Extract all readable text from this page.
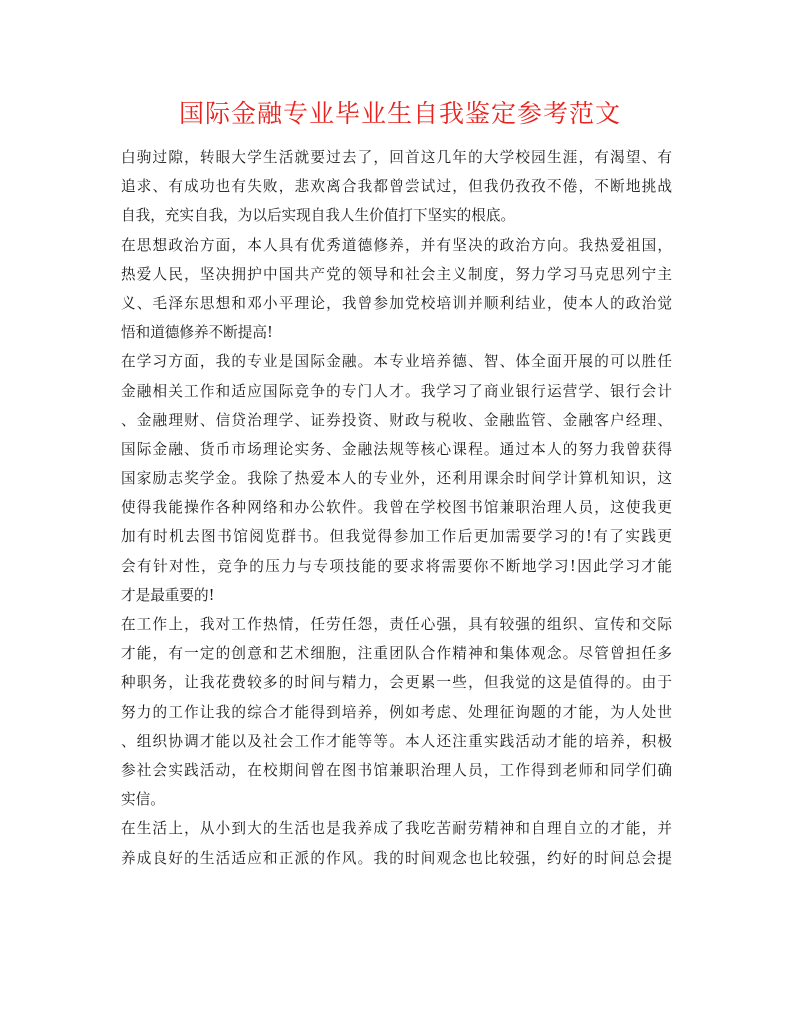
国际金融专业毕业生自我鉴定参考范文
白驹过隙，转眼大学生活就要过去了，回首这几年的大学校园生涯，有渴望、有
追求、有成功也有失败，悲欢离合我都曾尝试过，但我仍孜孜不倦，不断地挑战
自我，充实自我，为以后实现自我人生价值打下坚实的根底。
在思想政治方面，本人具有优秀道德修养，并有坚决的政治方向。我热爱祖国，
热爱人民，坚决拥护中国共产党的领导和社会主义制度，努力学习马克思列宁主
义、毛泽东思想和邓小平理论，我曾参加党校培训并顺利结业，使本人的政治觉
悟和道德修养不断提高!
在学习方面，我的专业是国际金融。本专业培养德、智、体全面开展的可以胜任
金融相关工作和适应国际竞争的专门人才。我学习了商业银行运营学、银行会计
、金融理财、信贷治理学、证券投资、财政与税收、金融监管、金融客户经理、
国际金融、货币市场理论实务、金融法规等核心课程。通过本人的努力我曾获得
国家励志奖学金。我除了热爱本人的专业外，还利用课余时间学计算机知识，这
使得我能操作各种网络和办公软件。我曾在学校图书馆兼职治理人员，这使我更
加有时机去图书馆阅览群书。但我觉得参加工作后更加需要学习的!有了实践更
会有针对性，竞争的压力与专项技能的要求将需要你不断地学习!因此学习才能
才是最重要的!
在工作上，我对工作热情，任劳任怨，责任心强，具有较强的组织、宣传和交际
才能，有一定的创意和艺术细胞，注重团队合作精神和集体观念。尽管曾担任多
种职务，让我花费较多的时间与精力，会更累一些，但我觉的这是值得的。由于
努力的工作让我的综合才能得到培养，例如考虑、处理征询题的才能，为人处世
、组织协调才能以及社会工作才能等等。本人还注重实践活动才能的培养，积极
参社会实践活动，在校期间曾在图书馆兼职治理人员，工作得到老师和同学们确
实信。
在生活上，从小到大的生活也是我养成了我吃苦耐劳精神和自理自立的才能，并
养成良好的生活适应和正派的作风。我的时间观念也比较强，约好的时间总会提
